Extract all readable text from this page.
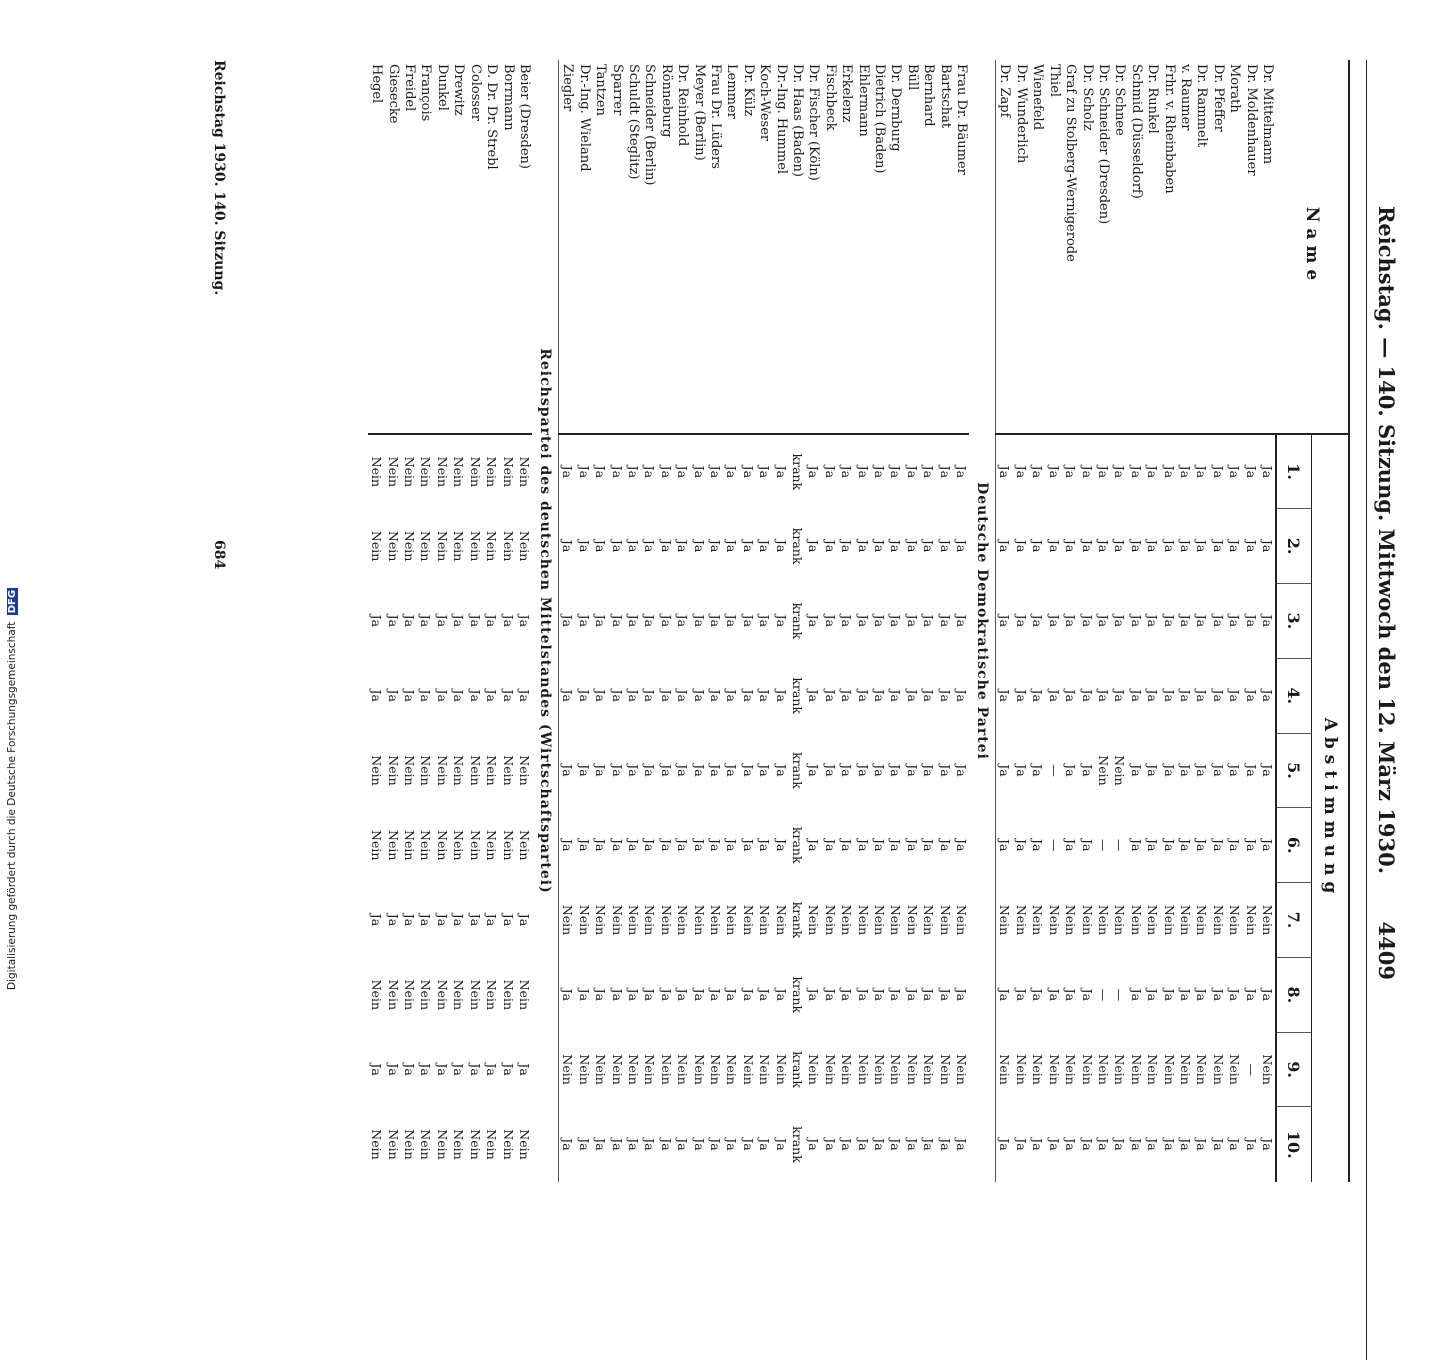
Reichstag. — 140. Sitzung. Mittwoch den 12. März 1930.
4409
Name	Abstimmung									
	1.	2.	3.	4.	5.	6.	7.	8.	9.	10.
Dr. Mittelmann	Ja	Ja	Ja	Ja	Ja	Ja	Nein	Ja	Nein	Ja
Dr. Moldenhauer	Ja	Ja	Ja	Ja	Ja	Ja	Nein	Ja	—	Ja
Morath	Ja	Ja	Ja	Ja	Ja	Ja	Nein	Ja	Nein	Ja
Dr. Pfeffer	Ja	Ja	Ja	Ja	Ja	Ja	Nein	Ja	Nein	Ja
Dr. Rammelt	Ja	Ja	Ja	Ja	Ja	Ja	Nein	Ja	Nein	Ja
v. Raumer	Ja	Ja	Ja	Ja	Ja	Ja	Nein	Ja	Nein	Ja
Frhr. v. Rheinbaben	Ja	Ja	Ja	Ja	Ja	Ja	Nein	Ja	Nein	Ja
Dr. Runkel	Ja	Ja	Ja	Ja	Ja	Ja	Nein	Ja	Nein	Ja
Schmid (Düsseldorf)	Ja	Ja	Ja	Ja	Ja	Ja	Nein	Ja	Nein	Ja
Dr. Schnee	Ja	Ja	Ja	Ja	Nein	—	Nein	—	Nein	Ja
Dr. Schneider (Dresden)	Ja	Ja	Ja	Ja	Nein	—	Nein	—	Nein	Ja
Dr. Scholz	Ja	Ja	Ja	Ja	Ja	Ja	Nein	Ja	Nein	Ja
Graf zu Stolberg-Wernigerode	Ja	Ja	Ja	Ja	Ja	Ja	Nein	Ja	Nein	Ja
Thiel	Ja	Ja	Ja	Ja	—	—	Nein	Ja	Nein	Ja
Wienefeld	Ja	Ja	Ja	Ja	Ja	Ja	Nein	Ja	Nein	Ja
Dr. Wunderlich	Ja	Ja	Ja	Ja	Ja	Ja	Nein	Ja	Nein	Ja
Dr. Zapf	Ja	Ja	Ja	Ja	Ja	Ja	Nein	Ja	Nein	Ja
Deutsche Demokratische Partei										
Frau Dr. Bäumer	Ja	Ja	Ja	Ja	Ja	Ja	Nein	Ja	Nein	Ja
Bartschat	Ja	Ja	Ja	Ja	Ja	Ja	Nein	Ja	Nein	Ja
Bernhard	Ja	Ja	Ja	Ja	Ja	Ja	Nein	Ja	Nein	Ja
Büll	Ja	Ja	Ja	Ja	Ja	Ja	Nein	Ja	Nein	Ja
Dr. Dernburg	Ja	Ja	Ja	Ja	Ja	Ja	Nein	Ja	Nein	Ja
Dietrich (Baden)	Ja	Ja	Ja	Ja	Ja	Ja	Nein	Ja	Nein	Ja
Ehlermann	Ja	Ja	Ja	Ja	Ja	Ja	Nein	Ja	Nein	Ja
Erkelenz	Ja	Ja	Ja	Ja	Ja	Ja	Nein	Ja	Nein	Ja
Fischbeck	Ja	Ja	Ja	Ja	Ja	Ja	Nein	Ja	Nein	Ja
Dr. Fischer (Köln)	Ja	Ja	Ja	Ja	Ja	Ja	Nein	Ja	Nein	Ja
Dr. Haas (Baden)	krank	krank	krank	krank	krank	krank	krank	krank	krank	krank
Dr.-Ing. Hummel	Ja	Ja	Ja	Ja	Ja	Ja	Nein	Ja	Nein	Ja
Koch-Weser	Ja	Ja	Ja	Ja	Ja	Ja	Nein	Ja	Nein	Ja
Dr. Külz	Ja	Ja	Ja	Ja	Ja	Ja	Nein	Ja	Nein	Ja
Lemmer	Ja	Ja	Ja	Ja	Ja	Ja	Nein	Ja	Nein	Ja
Frau Dr. Lüders	Ja	Ja	Ja	Ja	Ja	Ja	Nein	Ja	Nein	Ja
Meyer (Berlin)	Ja	Ja	Ja	Ja	Ja	Ja	Nein	Ja	Nein	Ja
Dr. Reinhold	Ja	Ja	Ja	Ja	Ja	Ja	Nein	Ja	Nein	Ja
Rönneburg	Ja	Ja	Ja	Ja	Ja	Ja	Nein	Ja	Nein	Ja
Schneider (Berlin)	Ja	Ja	Ja	Ja	Ja	Ja	Nein	Ja	Nein	Ja
Schuldt (Steglitz)	Ja	Ja	Ja	Ja	Ja	Ja	Nein	Ja	Nein	Ja
Sparrer	Ja	Ja	Ja	Ja	Ja	Ja	Nein	Ja	Nein	Ja
Tantzen	Ja	Ja	Ja	Ja	Ja	Ja	Nein	Ja	Nein	Ja
Dr.-Ing. Wieland	Ja	Ja	Ja	Ja	Ja	Ja	Nein	Ja	Nein	Ja
Ziegler	Ja	Ja	Ja	Ja	Ja	Ja	Nein	Ja	Nein	Ja
Reichspartei des deutschen Mittelstandes (Wirtschaftspartei)										
Beier (Dresden)	Nein	Nein	Ja	Ja	Nein	Nein	Ja	Nein	Ja	Nein
Borrmann	Nein	Nein	Ja	Ja	Nein	Nein	Ja	Nein	Ja	Nein
D. Dr. Dr. Strebl	Nein	Nein	Ja	Ja	Nein	Nein	Ja	Nein	Ja	Nein
Colosser	Nein	Nein	Ja	Ja	Nein	Nein	Ja	Nein	Ja	Nein
Drewitz	Nein	Nein	Ja	Ja	Nein	Nein	Ja	Nein	Ja	Nein
Dunkel	Nein	Nein	Ja	Ja	Nein	Nein	Ja	Nein	Ja	Nein
François	Nein	Nein	Ja	Ja	Nein	Nein	Ja	Nein	Ja	Nein
Freidel	Nein	Nein	Ja	Ja	Nein	Nein	Ja	Nein	Ja	Nein
Giesecke	Nein	Nein	Ja	Ja	Nein	Nein	Ja	Nein	Ja	Nein
Hegel	Nein	Nein	Ja	Ja	Nein	Nein	Ja	Nein	Ja	Nein
Reichstag 1930. 140. Sitzung.
684
Digitalisierung gefördert durch die Deutsche Forschungsgemeinschaft DFG
